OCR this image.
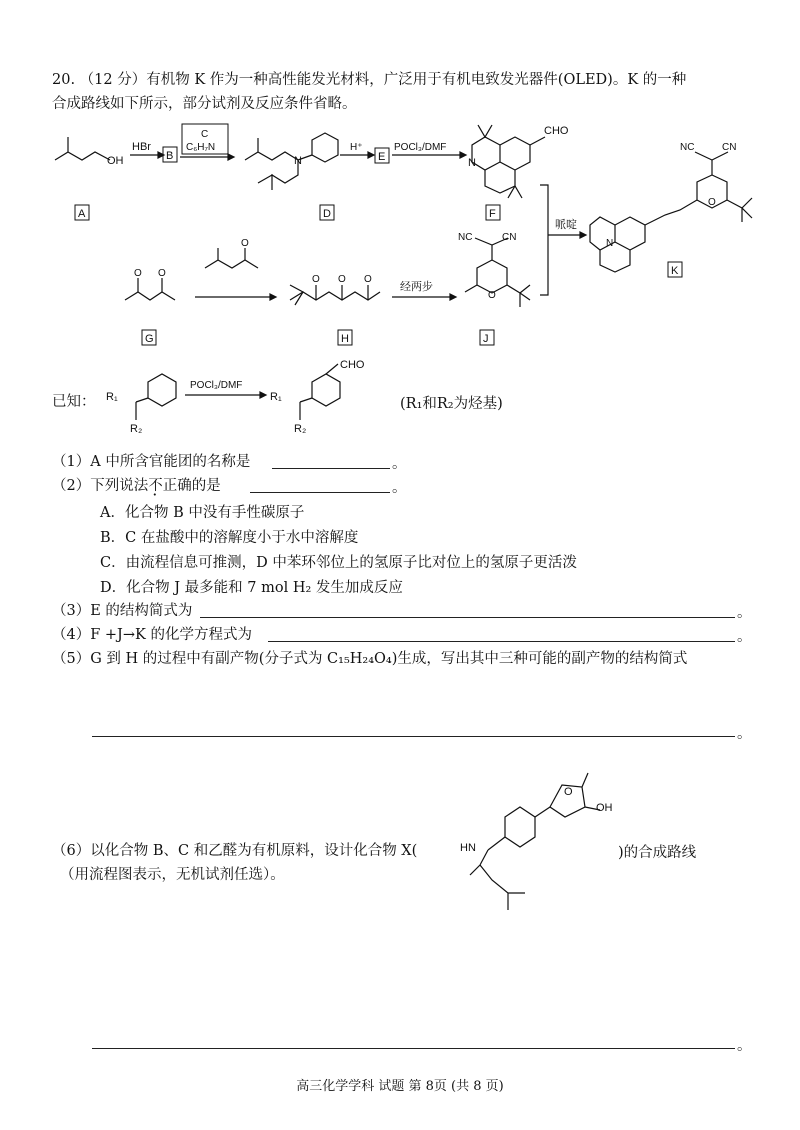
20. （12 分）有机物 K 作为一种高性能发光材料，广泛用于有机电致发光器件(OLED)。K 的一种
合成路线如下所示，部分试剂及反应条件省略。
OH
HBr
B
C
C₆H₇N
N
H⁺
E
POCl₃/DMF
N
CHO
A	D	F
哌啶
N
O
NC	CN
K
O O
G
O
O O O
H
经两步
O
NC	CN
J
已知： R₁
R₂
POCl₃/DMF
CHO
R₁
R₂
(R₁和R₂为烃基)
（1）A 中所含官能团的名称是	。
（2）下列说法不正确的是	。
A．化合物 B 中没有手性碳原子
B．C 在盐酸中的溶解度小于水中溶解度
C．由流程信息可推测，D 中苯环邻位上的氢原子比对位上的氢原子更活泼
D．化合物 J 最多能和 7 mol H₂ 发生加成反应
（3）E 的结构简式为	。
（4）F +J→K 的化学方程式为	。
（5）G 到 H 的过程中有副产物(分子式为 C₁₅H₂₄O₄)生成，写出其中三种可能的副产物的结构简式
。
（6）以化合物 B、C 和乙醛为有机原料，设计化合物 X(	)的合成路线
（用流程图表示，无机试剂任选）。
O
OH
HN
。
高三化学学科 试题 第 8页 (共 8 页)
